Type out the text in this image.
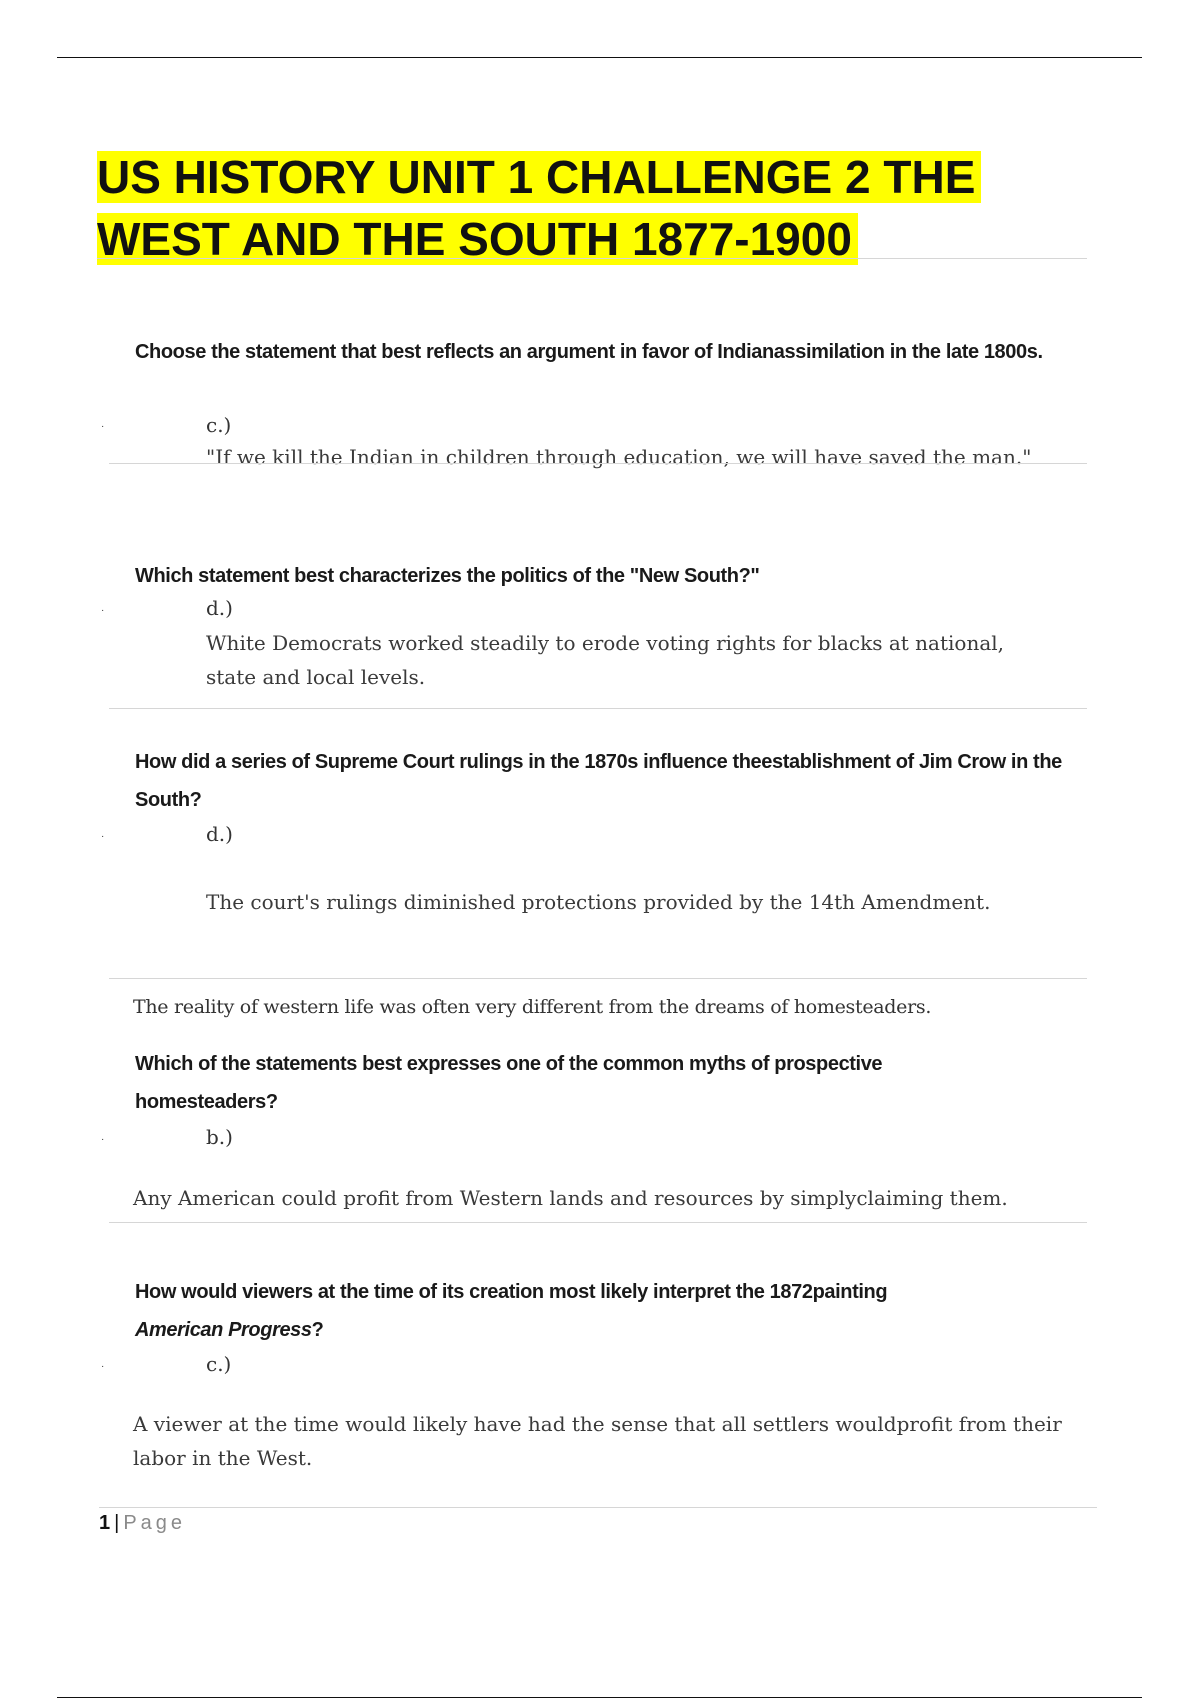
US HISTORY UNIT 1 CHALLENGE 2 THE
WEST AND THE SOUTH 1877-1900

Choose the statement that best reflects an argument in favor of Indianassimilation in the late 1800s.

·	c.)

"If we kill the Indian in children through education, we will have saved the man."

Which statement best characterizes the politics of the "New South?"

·	d.)

White Democrats worked steadily to erode voting rights for blacks at national, state and local levels.

How did a series of Supreme Court rulings in the 1870s influence theestablishment of Jim Crow in the South?

·	d.)

The court's rulings diminished protections provided by the 14th Amendment.

The reality of western life was often very different from the dreams of homesteaders.

Which of the statements best expresses one of the common myths of prospective homesteaders?

·	b.)

Any American could profit from Western lands and resources by simplyclaiming them.

How would viewers at the time of its creation most likely interpret the 1872painting
American Progress?

·	c.)

A viewer at the time would likely have had the sense that all settlers wouldprofit from their labor in the West.

1 | Page
